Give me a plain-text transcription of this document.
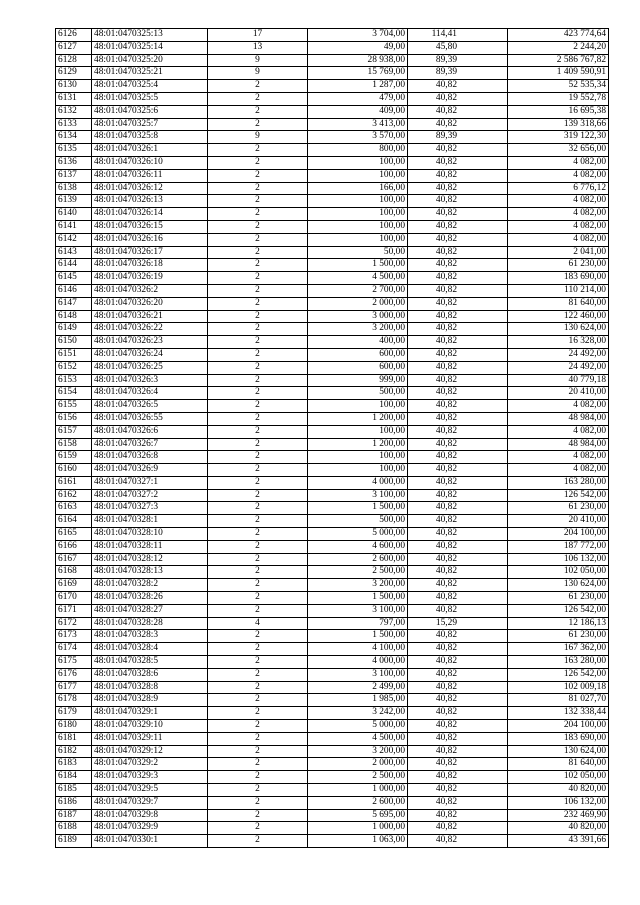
6126	48:01:0470325:13	17	3 704,00	114,41	423 774,64
6127	48:01:0470325:14	13	49,00	45,80	2 244,20
6128	48:01:0470325:20	9	28 938,00	89,39	2 586 767,82
6129	48:01:0470325:21	9	15 769,00	89,39	1 409 590,91
6130	48:01:0470325:4	2	1 287,00	40,82	52 535,34
6131	48:01:0470325:5	2	479,00	40,82	19 552,78
6132	48:01:0470325:6	2	409,00	40,82	16 695,38
6133	48:01:0470325:7	2	3 413,00	40,82	139 318,66
6134	48:01:0470325:8	9	3 570,00	89,39	319 122,30
6135	48:01:0470326:1	2	800,00	40,82	32 656,00
6136	48:01:0470326:10	2	100,00	40,82	4 082,00
6137	48:01:0470326:11	2	100,00	40,82	4 082,00
6138	48:01:0470326:12	2	166,00	40,82	6 776,12
6139	48:01:0470326:13	2	100,00	40,82	4 082,00
6140	48:01:0470326:14	2	100,00	40,82	4 082,00
6141	48:01:0470326:15	2	100,00	40,82	4 082,00
6142	48:01:0470326:16	2	100,00	40,82	4 082,00
6143	48:01:0470326:17	2	50,00	40,82	2 041,00
6144	48:01:0470326:18	2	1 500,00	40,82	61 230,00
6145	48:01:0470326:19	2	4 500,00	40,82	183 690,00
6146	48:01:0470326:2	2	2 700,00	40,82	110 214,00
6147	48:01:0470326:20	2	2 000,00	40,82	81 640,00
6148	48:01:0470326:21	2	3 000,00	40,82	122 460,00
6149	48:01:0470326:22	2	3 200,00	40,82	130 624,00
6150	48:01:0470326:23	2	400,00	40,82	16 328,00
6151	48:01:0470326:24	2	600,00	40,82	24 492,00
6152	48:01:0470326:25	2	600,00	40,82	24 492,00
6153	48:01:0470326:3	2	999,00	40,82	40 779,18
6154	48:01:0470326:4	2	500,00	40,82	20 410,00
6155	48:01:0470326:5	2	100,00	40,82	4 082,00
6156	48:01:0470326:55	2	1 200,00	40,82	48 984,00
6157	48:01:0470326:6	2	100,00	40,82	4 082,00
6158	48:01:0470326:7	2	1 200,00	40,82	48 984,00
6159	48:01:0470326:8	2	100,00	40,82	4 082,00
6160	48:01:0470326:9	2	100,00	40,82	4 082,00
6161	48:01:0470327:1	2	4 000,00	40,82	163 280,00
6162	48:01:0470327:2	2	3 100,00	40,82	126 542,00
6163	48:01:0470327:3	2	1 500,00	40,82	61 230,00
6164	48:01:0470328:1	2	500,00	40,82	20 410,00
6165	48:01:0470328:10	2	5 000,00	40,82	204 100,00
6166	48:01:0470328:11	2	4 600,00	40,82	187 772,00
6167	48:01:0470328:12	2	2 600,00	40,82	106 132,00
6168	48:01:0470328:13	2	2 500,00	40,82	102 050,00
6169	48:01:0470328:2	2	3 200,00	40,82	130 624,00
6170	48:01:0470328:26	2	1 500,00	40,82	61 230,00
6171	48:01:0470328:27	2	3 100,00	40,82	126 542,00
6172	48:01:0470328:28	4	797,00	15,29	12 186,13
6173	48:01:0470328:3	2	1 500,00	40,82	61 230,00
6174	48:01:0470328:4	2	4 100,00	40,82	167 362,00
6175	48:01:0470328:5	2	4 000,00	40,82	163 280,00
6176	48:01:0470328:6	2	3 100,00	40,82	126 542,00
6177	48:01:0470328:8	2	2 499,00	40,82	102 009,18
6178	48:01:0470328:9	2	1 985,00	40,82	81 027,70
6179	48:01:0470329:1	2	3 242,00	40,82	132 338,44
6180	48:01:0470329:10	2	5 000,00	40,82	204 100,00
6181	48:01:0470329:11	2	4 500,00	40,82	183 690,00
6182	48:01:0470329:12	2	3 200,00	40,82	130 624,00
6183	48:01:0470329:2	2	2 000,00	40,82	81 640,00
6184	48:01:0470329:3	2	2 500,00	40,82	102 050,00
6185	48:01:0470329:5	2	1 000,00	40,82	40 820,00
6186	48:01:0470329:7	2	2 600,00	40,82	106 132,00
6187	48:01:0470329:8	2	5 695,00	40,82	232 469,90
6188	48:01:0470329:9	2	1 000,00	40,82	40 820,00
6189	48:01:0470330:1	2	1 063,00	40,82	43 391,66
